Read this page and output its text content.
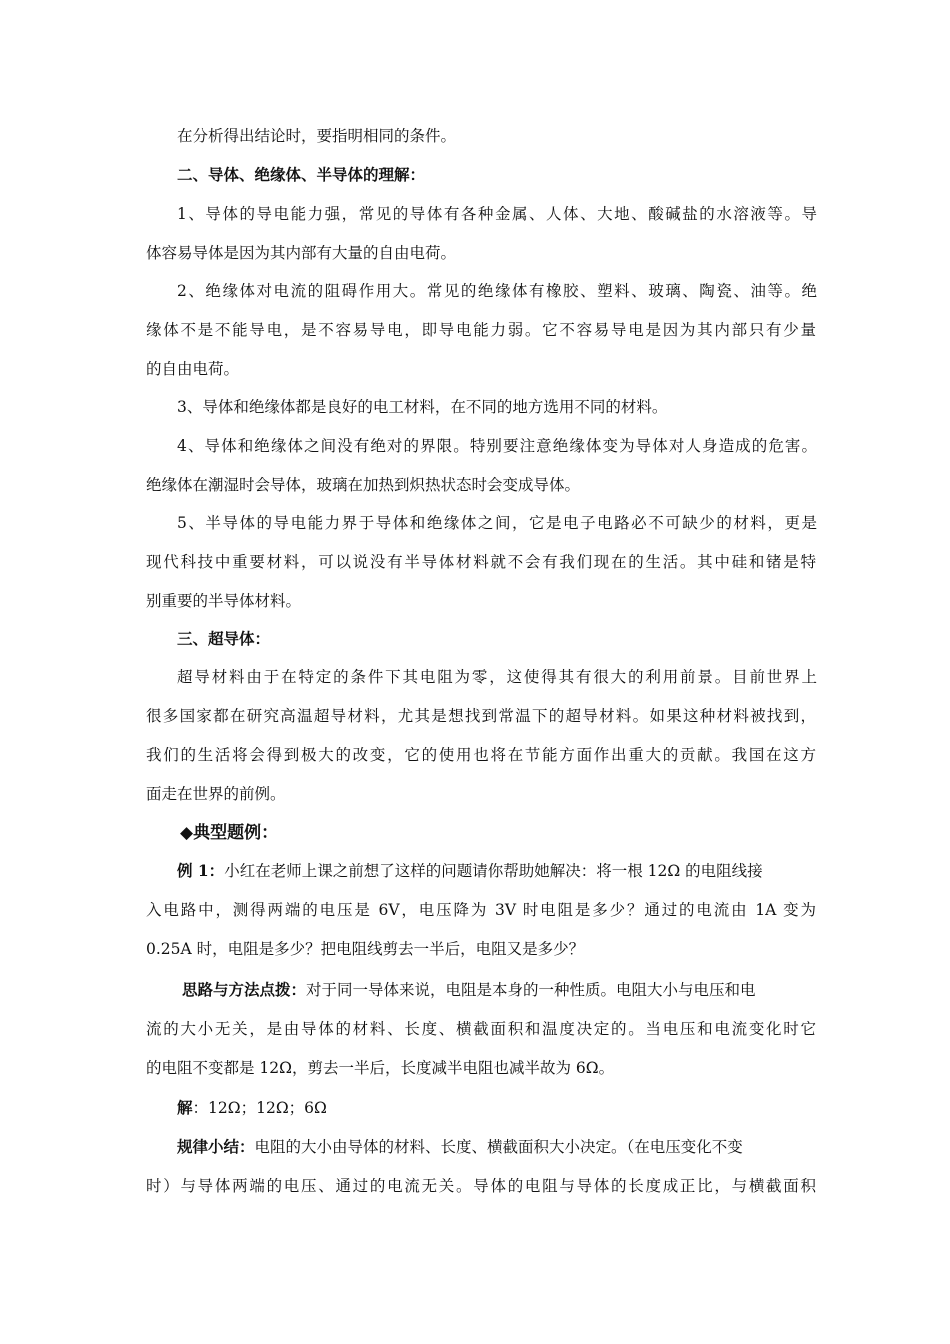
在分析得出结论时，要指明相同的条件。
二、导体、绝缘体、半导体的理解：
1、导体的导电能力强，常见的导体有各种金属、人体、大地、酸碱盐的水溶液等。导
体容易导体是因为其内部有大量的自由电荷。
2、绝缘体对电流的阻碍作用大。常见的绝缘体有橡胶、塑料、玻璃、陶瓷、油等。绝
缘体不是不能导电，是不容易导电，即导电能力弱。它不容易导电是因为其内部只有少量
的自由电荷。
3、导体和绝缘体都是良好的电工材料，在不同的地方选用不同的材料。
4、导体和绝缘体之间没有绝对的界限。特别要注意绝缘体变为导体对人身造成的危害。
绝缘体在潮湿时会导体，玻璃在加热到炽热状态时会变成导体。
5、半导体的导电能力界于导体和绝缘体之间，它是电子电路必不可缺少的材料，更是
现代科技中重要材料，可以说没有半导体材料就不会有我们现在的生活。其中硅和锗是特
别重要的半导体材料。
三、超导体：
超导材料由于在特定的条件下其电阻为零，这使得其有很大的利用前景。目前世界上
很多国家都在研究高温超导材料，尤其是想找到常温下的超导材料。如果这种材料被找到，
我们的生活将会得到极大的改变，它的使用也将在节能方面作出重大的贡献。我国在这方
面走在世界的前例。
◆典型题例：
例 1：小红在老师上课之前想了这样的问题请你帮助她解决：将一根 12Ω 的电阻线接
入电路中，测得两端的电压是 6V，电压降为 3V 时电阻是多少？通过的电流由 1A 变为
0.25A 时，电阻是多少？把电阻线剪去一半后，电阻又是多少？
思路与方法点拨：对于同一导体来说，电阻是本身的一种性质。电阻大小与电压和电
流的大小无关，是由导体的材料、长度、横截面积和温度决定的。当电压和电流变化时它
的电阻不变都是 12Ω，剪去一半后，长度减半电阻也减半故为 6Ω。
解：12Ω；12Ω；6Ω
规律小结：电阻的大小由导体的材料、长度、横截面积大小决定。（在电压变化不变
时）与导体两端的电压、通过的电流无关。导体的电阻与导体的长度成正比，与横截面积
